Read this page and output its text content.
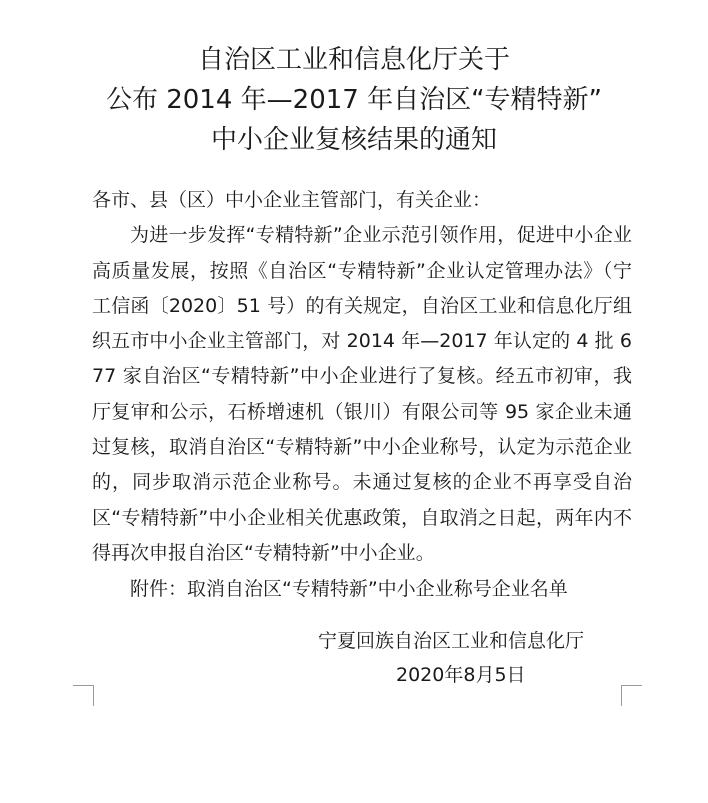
自治区工业和信息化厅关于
公布 2014 年—2017 年自治区“专精特新”
中小企业复核结果的通知
各市、县（区）中小企业主管部门，有关企业：
为进一步发挥“专精特新”企业示范引领作用，促进中小企业高质量发展，按照《自治区“专精特新”企业认定管理办法》（宁工信函〔2020〕51 号）的有关规定，自治区工业和信息化厅组织五市中小企业主管部门，对 2014 年—2017 年认定的 4 批 677 家自治区“专精特新”中小企业进行了复核。经五市初审，我厅复审和公示，石桥增速机（银川）有限公司等 95 家企业未通过复核，取消自治区“专精特新”中小企业称号，认定为示范企业的，同步取消示范企业称号。未通过复核的企业不再享受自治区“专精特新”中小企业相关优惠政策，自取消之日起，两年内不得再次申报自治区“专精特新”中小企业。
附件：取消自治区“专精特新”中小企业称号企业名单
宁夏回族自治区工业和信息化厅
2020年8月5日
